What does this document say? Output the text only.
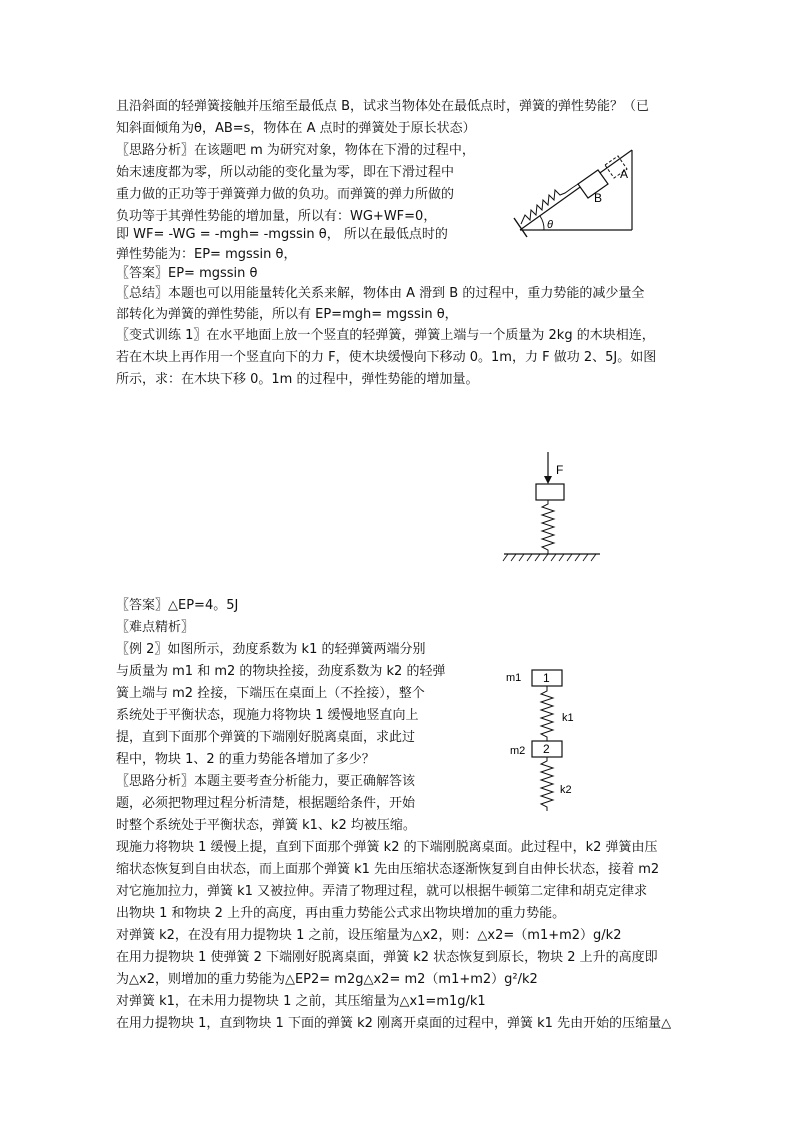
且沿斜面的轻弹簧接触并压缩至最低点 B，试求当物体处在最低点时，弹簧的弹性势能？（已
知斜面倾角为θ，AB=s，物体在 A 点时的弹簧处于原长状态）
〖思路分析〗在该题吧 m 为研究对象，物体在下滑的过程中，
始末速度都为零，所以动能的变化量为零，即在下滑过程中
重力做的正功等于弹簧弹力做的负功。而弹簧的弹力所做的
负功等于其弹性势能的增加量，所以有：WG+WF=0，
即 WF= -WG = -mgh= -mgssin θ， 所以在最低点时的
弹性势能为：EP= mgssin θ，
〖答案〗EP= mgssin θ
〖总结〗本题也可以用能量转化关系来解，物体由 A 滑到 B 的过程中，重力势能的减少量全
部转化为弹簧的弹性势能，所以有 EP=mgh= mgssin θ，
〖变式训练 1〗在水平地面上放一个竖直的轻弹簧，弹簧上端与一个质量为 2kg 的木块相连，
若在木块上再作用一个竖直向下的力 F，使木块缓慢向下移动 0。1m，力 F 做功 2、5J。如图
所示，求：在木块下移 0。1m 的过程中，弹性势能的增加量。
〖答案〗△EP=4。5J
〖难点精析〗
〖例 2〗如图所示，劲度系数为 k1 的轻弹簧两端分别
与质量为 m1 和 m2 的物块拴接，劲度系数为 k2 的轻弹
簧上端与 m2 拴接，下端压在桌面上（不拴接），整个
系统处于平衡状态，现施力将物块 1 缓慢地竖直向上
提，直到下面那个弹簧的下端刚好脱离桌面，求此过
程中，物块 1、2 的重力势能各增加了多少？
〖思路分析〗本题主要考查分析能力，要正确解答该
题，必须把物理过程分析清楚，根据题给条件，开始
时整个系统处于平衡状态，弹簧 k1、k2 均被压缩。
现施力将物块 1 缓慢上提，直到下面那个弹簧 k2 的下端刚脱离桌面。此过程中，k2 弹簧由压
缩状态恢复到自由状态，而上面那个弹簧 k1 先由压缩状态逐渐恢复到自由伸长状态，接着 m2
对它施加拉力，弹簧 k1 又被拉伸。弄清了物理过程，就可以根据牛顿第二定律和胡克定律求
出物块 1 和物块 2 上升的高度，再由重力势能公式求出物块增加的重力势能。
对弹簧 k2，在没有用力提物块 1 之前，设压缩量为△x2，则：△x2=（m1+m2）g/k2
在用力提物块 1 使弹簧 2 下端刚好脱离桌面，弹簧 k2 状态恢复到原长，物块 2 上升的高度即
为△x2，则增加的重力势能为△EP2= m2g△x2= m2（m1+m2）g²/k2
对弹簧 k1，在未用力提物块 1 之前，其压缩量为△x1=m1g/k1
在用力提物块 1，直到物块 1 下面的弹簧 k2 刚离开桌面的过程中，弹簧 k1 先由开始的压缩量△
θ
A
B
F
m1 1
k1
m2 2
k2
